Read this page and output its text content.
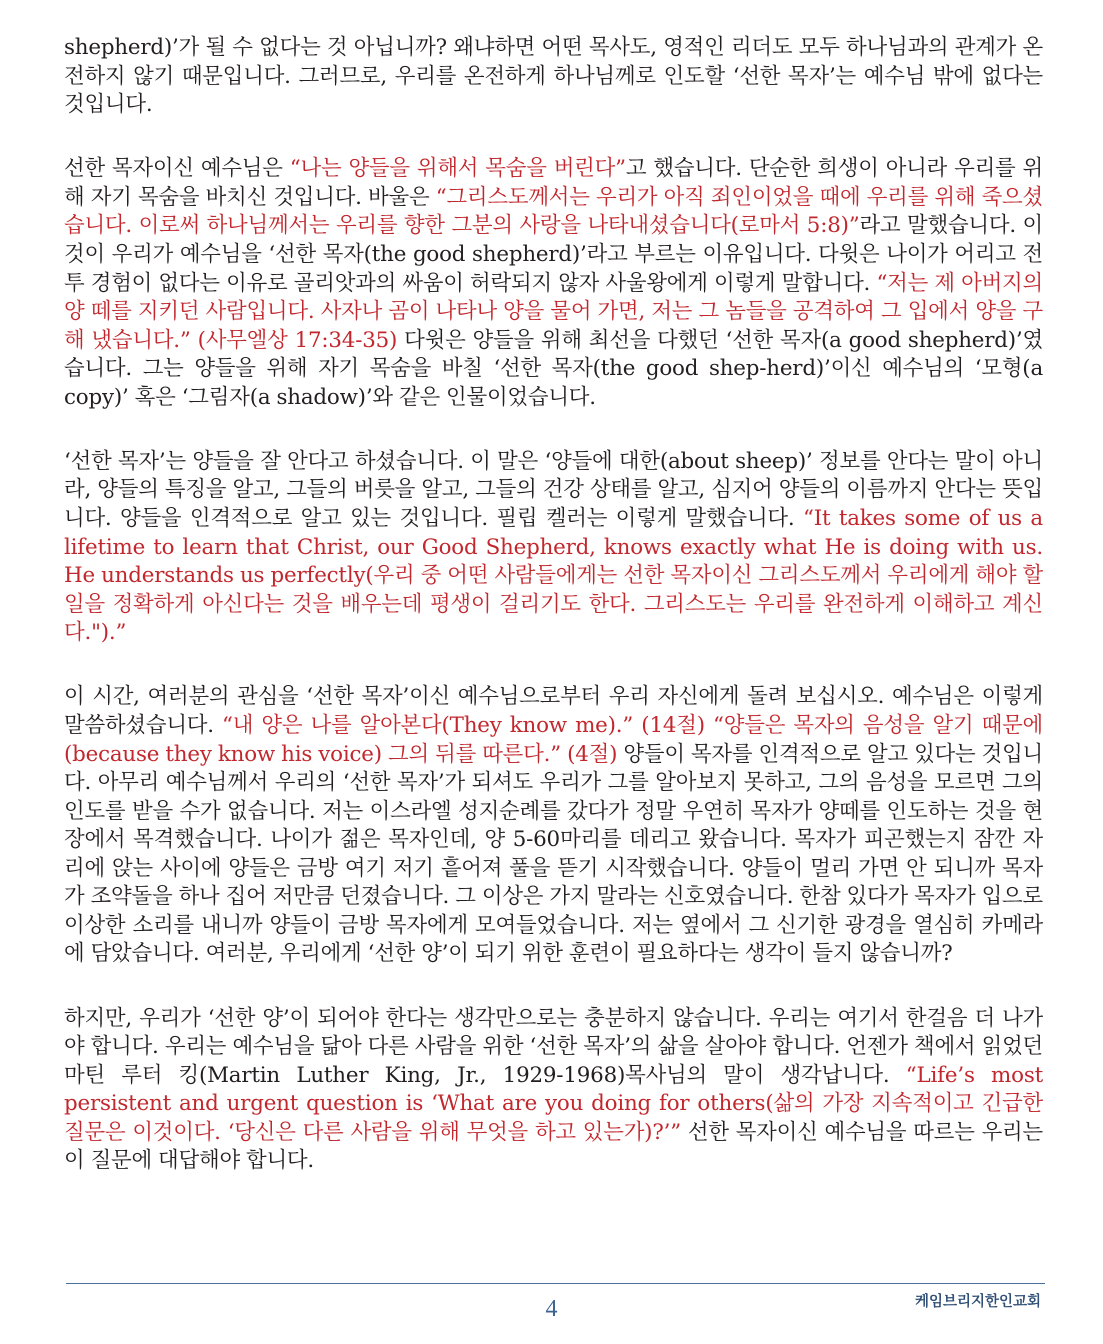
shepherd)’가 될 수 없다는 것 아닙니까? 왜냐하면 어떤 목사도, 영적인 리더도 모두 하나님과의 관계가 온전하지 않기 때문입니다. 그러므로, 우리를 온전하게 하나님께로 인도할 ‘선한 목자’는 예수님 밖에 없다는 것입니다.

선한 목자이신 예수님은 “나는 양들을 위해서 목숨을 버린다”고 했습니다. 단순한 희생이 아니라 우리를 위해 자기 목숨을 바치신 것입니다. 바울은 “그리스도께서는 우리가 아직 죄인이었을 때에 우리를 위해 죽으셨습니다. 이로써 하나님께서는 우리를 향한 그분의 사랑을 나타내셨습니다(로마서 5:8)”라고 말했습니다. 이것이 우리가 예수님을 ‘선한 목자(the good shepherd)’라고 부르는 이유입니다. 다윗은 나이가 어리고 전투 경험이 없다는 이유로 골리앗과의 싸움이 허락되지 않자 사울왕에게 이렇게 말합니다. “저는 제 아버지의 양 떼를 지키던 사람입니다. 사자나 곰이 나타나 양을 물어 가면, 저는 그 놈들을 공격하여 그 입에서 양을 구해 냈습니다.” (사무엘상 17:34-35) 다윗은 양들을 위해 최선을 다했던 ‘선한 목자(a good shepherd)’였습니다. 그는 양들을 위해 자기 목숨을 바칠 ‘선한 목자(the good shep-herd)’이신 예수님의 ‘모형(a copy)’ 혹은 ‘그림자(a shadow)’와 같은 인물이었습니다.

‘선한 목자’는 양들을 잘 안다고 하셨습니다. 이 말은 ‘양들에 대한(about sheep)’ 정보를 안다는 말이 아니라, 양들의 특징을 알고, 그들의 버릇을 알고, 그들의 건강 상태를 알고, 심지어 양들의 이름까지 안다는 뜻입니다. 양들을 인격적으로 알고 있는 것입니다. 필립 켈러는 이렇게 말했습니다. “It takes some of us a lifetime to learn that Christ, our Good Shepherd, knows exactly what He is doing with us. He understands us perfectly(우리 중 어떤 사람들에게는 선한 목자이신 그리스도께서 우리에게 해야 할 일을 정확하게 아신다는 것을 배우는데 평생이 걸리기도 한다. 그리스도는 우리를 완전하게 이해하고 계신다.").”

이 시간, 여러분의 관심을 ‘선한 목자’이신 예수님으로부터 우리 자신에게 돌려 보십시오. 예수님은 이렇게 말씀하셨습니다. “내 양은 나를 알아본다(They know me).” (14절) “양들은 목자의 음성을 알기 때문에(because they know his voice) 그의 뒤를 따른다.” (4절) 양들이 목자를 인격적으로 알고 있다는 것입니다. 아무리 예수님께서 우리의 ‘선한 목자’가 되셔도 우리가 그를 알아보지 못하고, 그의 음성을 모르면 그의 인도를 받을 수가 없습니다. 저는 이스라엘 성지순례를 갔다가 정말 우연히 목자가 양떼를 인도하는 것을 현장에서 목격했습니다. 나이가 젊은 목자인데, 양 5-60마리를 데리고 왔습니다. 목자가 피곤했는지 잠깐 자리에 앉는 사이에 양들은 금방 여기 저기 흩어져 풀을 뜯기 시작했습니다. 양들이 멀리 가면 안 되니까 목자가 조약돌을 하나 집어 저만큼 던졌습니다. 그 이상은 가지 말라는 신호였습니다. 한참 있다가 목자가 입으로 이상한 소리를 내니까 양들이 금방 목자에게 모여들었습니다. 저는 옆에서 그 신기한 광경을 열심히 카메라에 담았습니다. 여러분, 우리에게 ‘선한 양’이 되기 위한 훈련이 필요하다는 생각이 들지 않습니까?

하지만, 우리가 ‘선한 양’이 되어야 한다는 생각만으로는 충분하지 않습니다. 우리는 여기서 한걸음 더 나가야 합니다. 우리는 예수님을 닮아 다른 사람을 위한 ‘선한 목자’의 삶을 살아야 합니다. 언젠가 책에서 읽었던 마틴 루터 킹(Martin Luther King, Jr., 1929-1968)목사님의 말이 생각납니다. “Life’s most persistent and urgent question is ‘What are you doing for others(삶의 가장 지속적이고 긴급한 질문은 이것이다. ‘당신은 다른 사람을 위해 무엇을 하고 있는가)?’” 선한 목자이신 예수님을 따르는 우리는 이 질문에 대답해야 합니다.

4	케임브리지한인교회
